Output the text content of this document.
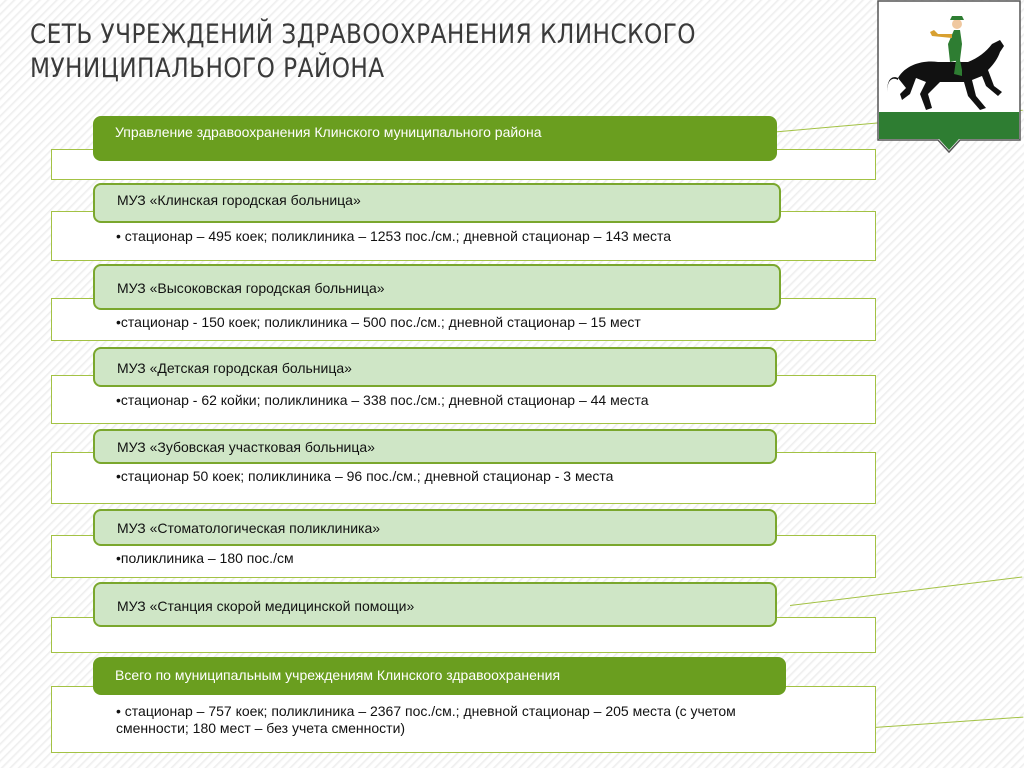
СЕТЬ УЧРЕЖДЕНИЙ ЗДРАВООХРАНЕНИЯ КЛИНСКОГО
МУНИЦИПАЛЬНОГО РАЙОНА
Управление здравоохранения Клинского муниципального района
• стационар – 495 коек; поликлиника – 1253 пос./см.; дневной стационар – 143 места
МУЗ «Клинская городская больница»
•стационар - 150 коек; поликлиника – 500 пос./см.; дневной стационар – 15 мест
МУЗ «Высоковская городская больница»
•стационар - 62 койки; поликлиника – 338 пос./см.; дневной стационар – 44 места
МУЗ «Детская городская больница»
•стационар 50 коек; поликлиника – 96 пос./см.; дневной стационар - 3 места
МУЗ «Зубовская участковая больница»
•поликлиника – 180 пос./см
МУЗ «Стоматологическая поликлиника»
МУЗ «Станция скорой медицинской помощи»
• стационар – 757 коек; поликлиника – 2367 пос./см.; дневной стационар – 205 места (с учетом сменности; 180 мест – без учета сменности)
Всего по муниципальным учреждениям Клинского здравоохранения
